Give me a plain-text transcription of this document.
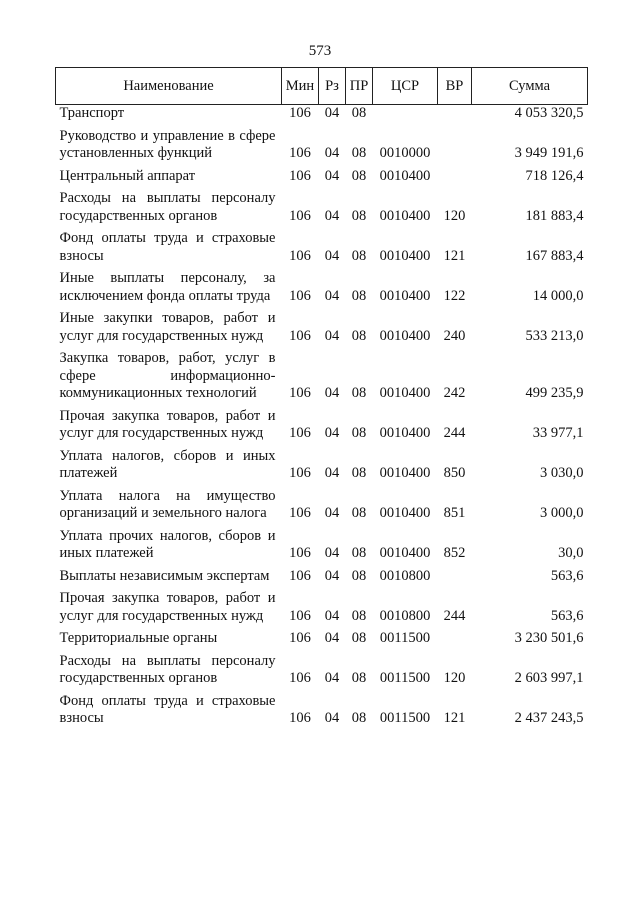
573
Наименование	Мин	Рз	ПР	ЦСР	ВР	Сумма
Транспорт	106	04	08			4 053 320,5
Руководство и управление в сфере установленных функций	106	04	08	0010000		3 949 191,6
Центральный аппарат	106	04	08	0010400		718 126,4
Расходы на выплаты персоналу государственных органов	106	04	08	0010400	120	181 883,4
Фонд оплаты труда и страховые взносы	106	04	08	0010400	121	167 883,4
Иные выплаты персоналу, за исключением фонда оплаты труда	106	04	08	0010400	122	14 000,0
Иные закупки товаров, работ и услуг для государственных нужд	106	04	08	0010400	240	533 213,0
Закупка товаров, работ, услуг в сфере информационно-коммуникационных технологий	106	04	08	0010400	242	499 235,9
Прочая закупка товаров, работ и услуг для государственных нужд	106	04	08	0010400	244	33 977,1
Уплата налогов, сборов и иных платежей	106	04	08	0010400	850	3 030,0
Уплата налога на имущество организаций и земельного налога	106	04	08	0010400	851	3 000,0
Уплата прочих налогов, сборов и иных платежей	106	04	08	0010400	852	30,0
Выплаты независимым экспертам	106	04	08	0010800		563,6
Прочая закупка товаров, работ и услуг для государственных нужд	106	04	08	0010800	244	563,6
Территориальные органы	106	04	08	0011500		3 230 501,6
Расходы на выплаты персоналу государственных органов	106	04	08	0011500	120	2 603 997,1
Фонд оплаты труда и страховые взносы	106	04	08	0011500	121	2 437 243,5
